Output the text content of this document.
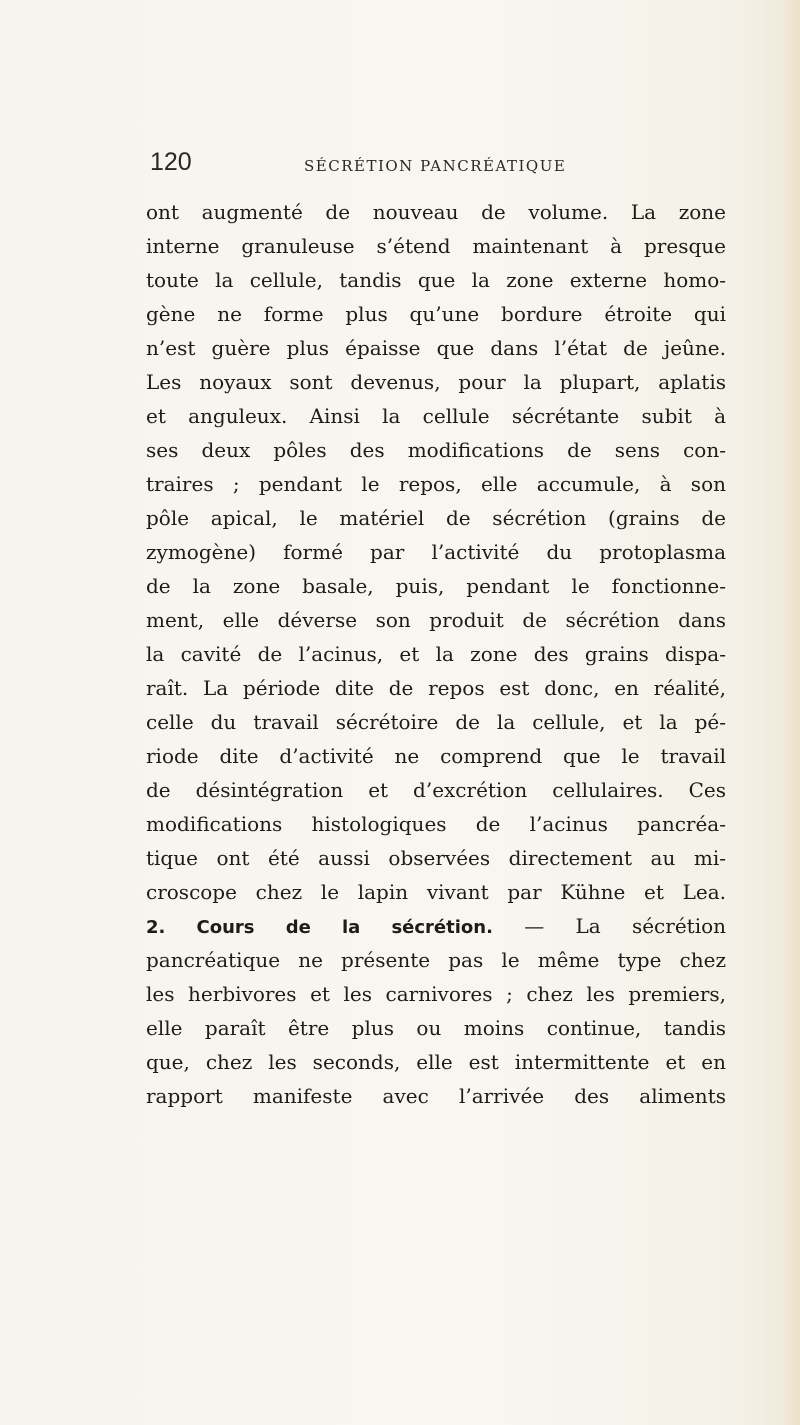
120	SÉCRÉTION PANCRÉATIQUE
ont augmenté de nouveau de volume. La zone
interne granuleuse s’étend maintenant à presque
toute la cellule, tandis que la zone externe homo-
gène ne forme plus qu’une bordure étroite qui
n’est guère plus épaisse que dans l’état de jeûne.
Les noyaux sont devenus, pour la plupart, aplatis
et anguleux. Ainsi la cellule sécrétante subit à
ses deux pôles des modifications de sens con-
traires ; pendant le repos, elle accumule, à son
pôle apical, le matériel de sécrétion (grains de
zymogène) formé par l’activité du protoplasma
de la zone basale, puis, pendant le fonctionne-
ment, elle déverse son produit de sécrétion dans
la cavité de l’acinus, et la zone des grains dispa-
raît. La période dite de repos est donc, en réalité,
celle du travail sécrétoire de la cellule, et la pé-
riode dite d’activité ne comprend que le travail
de désintégration et d’excrétion cellulaires. Ces
modifications histologiques de l’acinus pancréa-
tique ont été aussi observées directement au mi-
croscope chez le lapin vivant par Kühne et Lea.
2. Cours de la sécrétion. — La sécrétion
pancréatique ne présente pas le même type chez
les herbivores et les carnivores ; chez les premiers,
elle paraît être plus ou moins continue, tandis
que, chez les seconds, elle est intermittente et en
rapport manifeste avec l’arrivée des aliments
